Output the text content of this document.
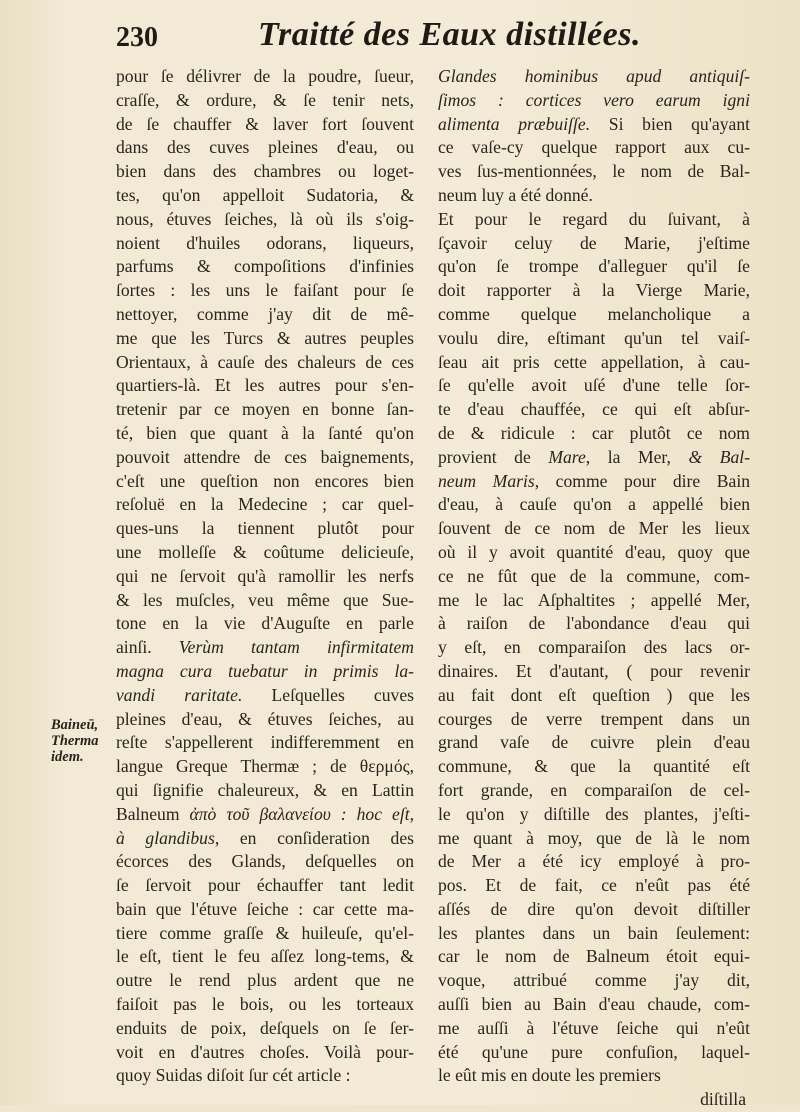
230	Traitté des Eaux distillées.
Baineū,
Therma
idem.
pour ſe délivrer de la poudre, ſueur,
craſſe, & ordure, & ſe tenir nets,
de ſe chauffer & laver fort ſouvent
dans des cuves pleines d'eau, ou
bien dans des chambres ou loget-
tes, qu'on appelloit Sudatoria, &
nous, étuves ſeiches, là où ils s'oig-
noient d'huiles odorans, liqueurs,
parfums & compoſitions d'infinies
ſortes : les uns le faiſant pour ſe
nettoyer, comme j'ay dit de mê-
me que les Turcs & autres peuples
Orientaux, à cauſe des chaleurs de ces
quartiers-là. Et les autres pour s'en-
tretenir par ce moyen en bonne ſan-
té, bien que quant à la ſanté qu'on
pouvoit attendre de ces baignements,
c'eſt une queſtion non encores bien
reſoluë en la Medecine ; car quel-
ques-uns la tiennent plutôt pour
une molleſſe & coûtume delicieuſe,
qui ne ſervoit qu'à ramollir les nerfs
& les muſcles, veu même que Sue-
tone en la vie d'Auguſte en parle
ainſi. Verùm tantam infirmitatem
magna cura tuebatur in primis la-
vandi raritate. Leſquelles cuves
pleines d'eau, & étuves ſeiches, au
reſte s'appellerent indifferemment en
langue Greque Thermæ ; de θερμός,
qui ſignifie chaleureux, & en Lattin
Balneum ἀπὸ τοῦ βαλανείου : hoc eſt,
à glandibus, en conſideration des
écorces des Glands, deſquelles on
ſe ſervoit pour échauffer tant ledit
bain que l'étuve ſeiche : car cette ma-
tiere comme graſſe & huileuſe, qu'el-
le eſt, tient le feu aſſez long-tems, &
outre le rend plus ardent que ne
faiſoit pas le bois, ou les torteaux
enduits de poix, deſquels on ſe ſer-
voit en d'autres choſes. Voilà pour-
quoy Suidas diſoit ſur cét article :
Glandes hominibus apud antiquiſ-
ſimos : cortices vero earum igni
alimenta præbuiſſe. Si bien qu'ayant
ce vaſe-cy quelque rapport aux cu-
ves ſus-mentionnées, le nom de Bal-
neum luy a été donné.
Et pour le regard du ſuivant, à
ſçavoir celuy de Marie, j'eſtime
qu'on ſe trompe d'alleguer qu'il ſe
doit rapporter à la Vierge Marie,
comme quelque melancholique a
voulu dire, eſtimant qu'un tel vaiſ-
ſeau ait pris cette appellation, à cau-
ſe qu'elle avoit uſé d'une telle ſor-
te d'eau chauffée, ce qui eſt abſur-
de & ridicule : car plutôt ce nom
provient de Mare, la Mer, & Bal-
neum Maris, comme pour dire Bain
d'eau, à cauſe qu'on a appellé bien
ſouvent de ce nom de Mer les lieux
où il y avoit quantité d'eau, quoy que
ce ne fût que de la commune, com-
me le lac Aſphaltites ; appellé Mer,
à raiſon de l'abondance d'eau qui
y eſt, en comparaiſon des lacs or-
dinaires. Et d'autant, ( pour revenir
au fait dont eſt queſtion ) que les
courges de verre trempent dans un
grand vaſe de cuivre plein d'eau
commune, & que la quantité eſt
fort grande, en comparaiſon de cel-
le qu'on y diſtille des plantes, j'eſti-
me quant à moy, que de là le nom
de Mer a été icy employé à pro-
pos. Et de fait, ce n'eût pas été
aſſés de dire qu'on devoit diſtiller
les plantes dans un bain ſeulement:
car le nom de Balneum étoit equi-
voque, attribué comme j'ay dit,
auſſi bien au Bain d'eau chaude, com-
me auſſi à l'étuve ſeiche qui n'eût
été qu'une pure confuſion, laquel-
le eût mis en doute les premiers
diſtilla
